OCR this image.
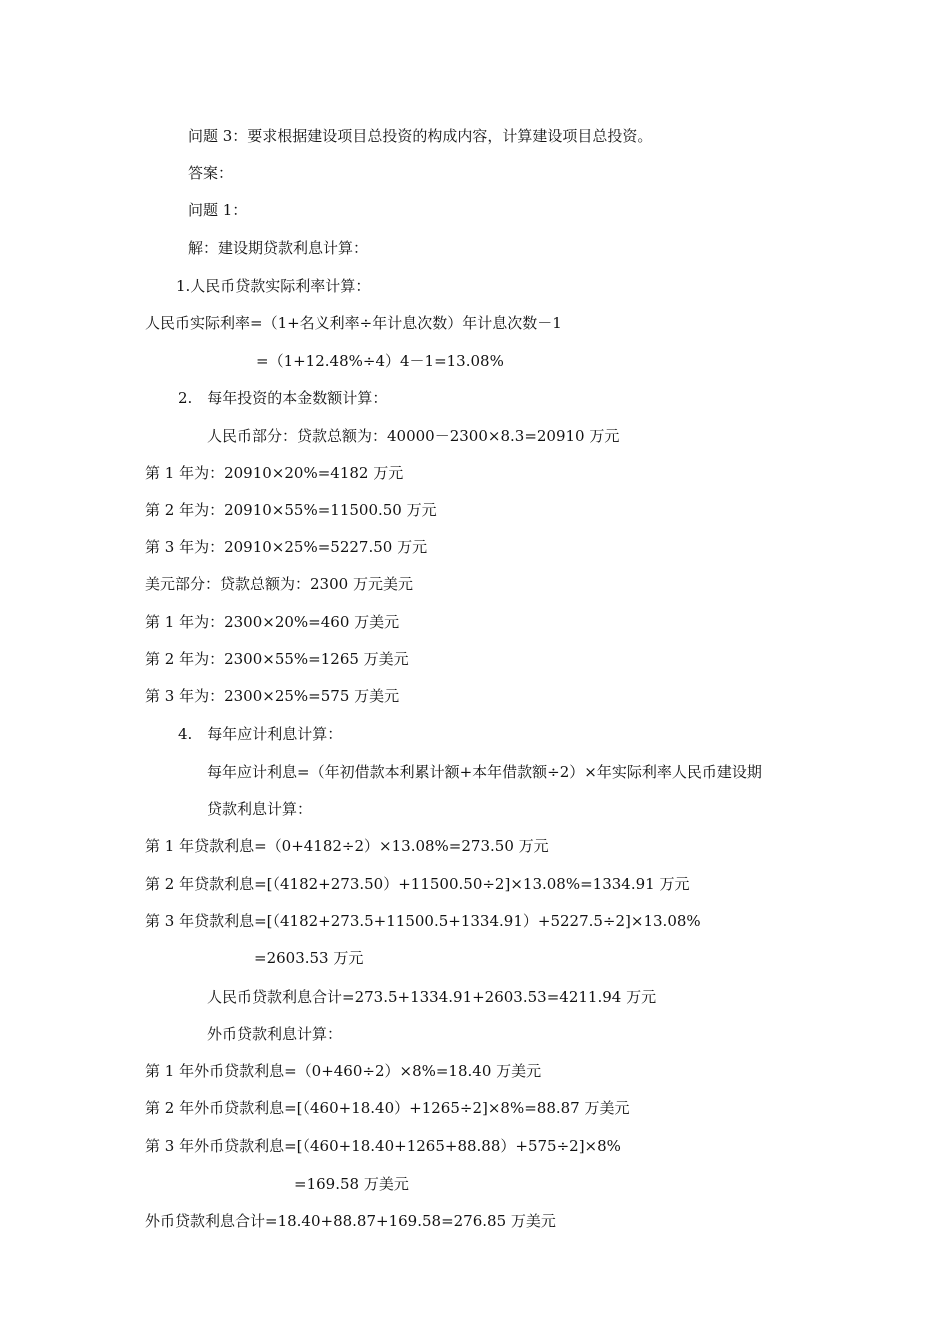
问题 3：要求根据建设项目总投资的构成内容，计算建设项目总投资。
答案：
问题 1：
解：建设期贷款利息计算：
1.人民币贷款实际利率计算：
人民币实际利率=（1+名义利率÷年计息次数）年计息次数－1
=（1+12.48%÷4）4－1=13.08%
2.　每年投资的本金数额计算：
人民币部分：贷款总额为：40000－2300×8.3=20910 万元
第 1 年为：20910×20%=4182 万元
第 2 年为：20910×55%=11500.50 万元
第 3 年为：20910×25%=5227.50 万元
美元部分：贷款总额为：2300 万元美元
第 1 年为：2300×20%=460 万美元
第 2 年为：2300×55%=1265 万美元
第 3 年为：2300×25%=575 万美元
4.　每年应计利息计算：
每年应计利息=（年初借款本利累计额+本年借款额÷2）×年实际利率人民币建设期
贷款利息计算：
第 1 年贷款利息=（0+4182÷2）×13.08%=273.50 万元
第 2 年贷款利息=[（4182+273.50）+11500.50÷2]×13.08%=1334.91 万元
第 3 年贷款利息=[（4182+273.5+11500.5+1334.91）+5227.5÷2]×13.08%
=2603.53 万元
人民币贷款利息合计=273.5+1334.91+2603.53=4211.94 万元
外币贷款利息计算：
第 1 年外币贷款利息=（0+460÷2）×8%=18.40 万美元
第 2 年外币贷款利息=[（460+18.40）+1265÷2]×8%=88.87 万美元
第 3 年外币贷款利息=[（460+18.40+1265+88.88）+575÷2]×8%
=169.58 万美元
外币贷款利息合计=18.40+88.87+169.58=276.85 万美元
